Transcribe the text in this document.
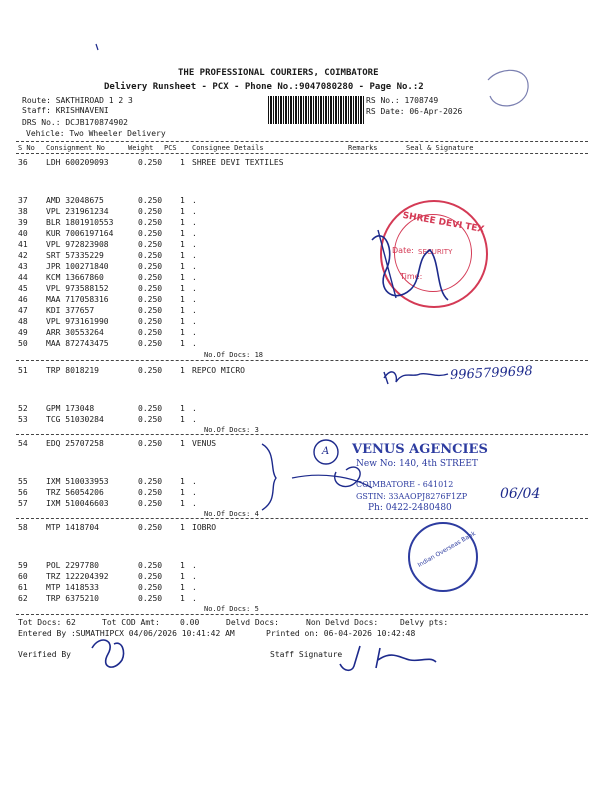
THE PROFESSIONAL COURIERS, COIMBATORE
Delivery Runsheet - PCX - Phone No.:9047080280 - Page No.:2
Route: SAKTHIROAD 1 2 3
Staff: KRISHNAVENI
DRS No.: DCJB170874902
Vehicle: Two Wheeler Delivery
RS No.: 1708749
RS Date: 06-Apr-2026
S No Consignment No	Weight PCS Consignee Details	Remarks	Seal & Signature
36 LDH 600209093	0.250 1 SHREE DEVI TEXTILES
37 AMD 32048675	0.250 1 .
38 VPL 231961234	0.250 1 .
39 BLR 1801910553	0.250 1 .
40 KUR 7006197164	0.250 1 .
41 VPL 972823908	0.250 1 .
42 SRT 57335229	0.250 1 .
43 JPR 100271840	0.250 1 .
44 KCM 13667860	0.250 1 .
45 VPL 973588152	0.250 1 .
46 MAA 717058316	0.250 1 .
47 KDI 377657	0.250 1 .
48 VPL 973161990	0.250 1 .
49 ARR 30553264	0.250 1 .
50 MAA 872743475	0.250 1 .
No.Of Docs: 18
51 TRP 8018219	0.250 1 REPCO MICRO
52 GPM 173048	0.250 1 .
53 TCG 51030284	0.250 1 .
No.Of Docs: 3
54 EDQ 25707258	0.250 1 VENUS
55 IXM 510033953	0.250 1 .
56 TRZ 56054206	0.250 1 .
57 IXM 510046603	0.250 1 .
No.Of Docs: 4
58 MTP 1418704	0.250 1 IOBRO
59 POL 2297780	0.250 1 .
60 TRZ 122204392	0.250 1 .
61 MTP 1418533	0.250 1 .
62 TRP 6375210	0.250 1 .
No.Of Docs: 5
Tot Docs: 62	Tot COD Amt:	0.00	Delvd Docs:	Non Delvd Docs:	Delvy pts:
Entered By :SUMATHIPCX 04/06/2026 10:41:42 AM	Printed on: 06-04-2026 10:42:48
Verified By	Staff Signature
SHREE DEVI TEX
Date: SECURITY
Time:
VENUS AGENCIES
New No: 140, 4th STREET
COIMBATORE - 641012
GSTIN: 33AAOPJ8276F1ZP
Ph: 0422-2480480
Indian Overseas Bank
9965799698
A
06/04
